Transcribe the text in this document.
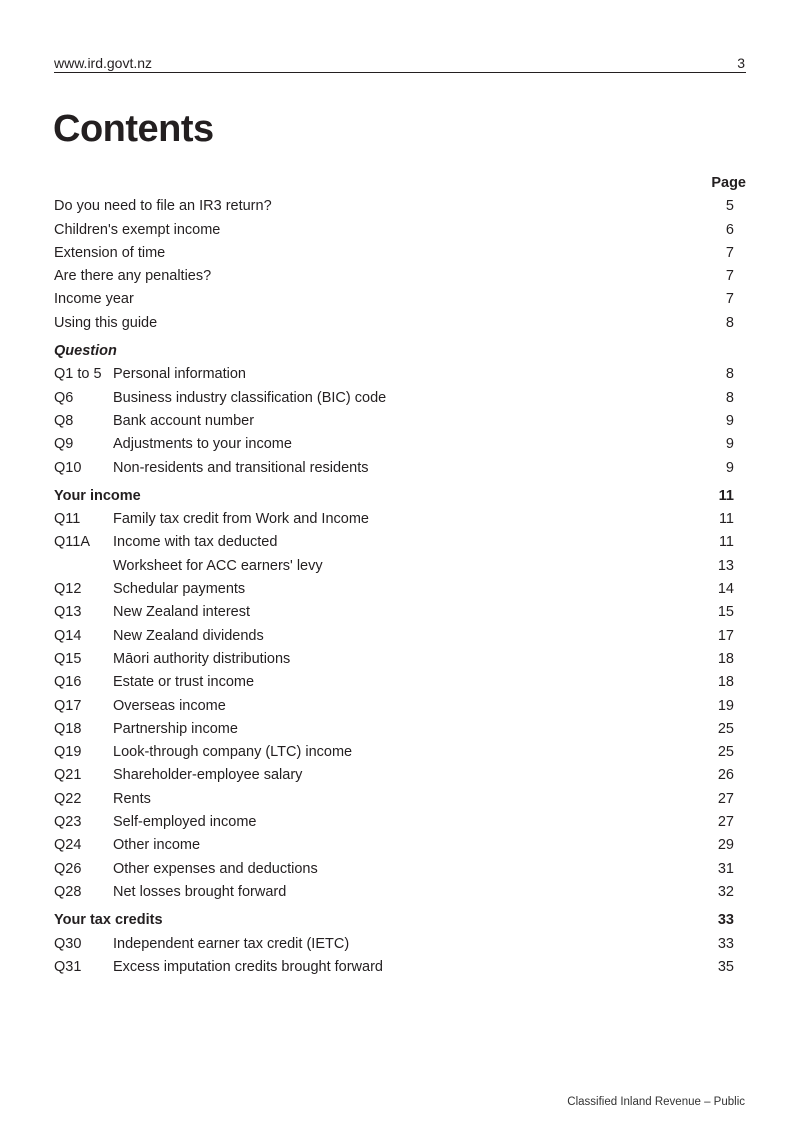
www.ird.govt.nz	3
Contents
Page
Do you need to file an IR3 return?	5
Children's exempt income	6
Extension of time	7
Are there any penalties?	7
Income year	7
Using this guide	8
Question
Q1 to 5 Personal information	8
Q6	Business industry classification (BIC) code	8
Q8	Bank account number	9
Q9	Adjustments to your income	9
Q10 Non-residents and transitional residents	9
Your income	11
Q11 Family tax credit from Work and Income	11
Q11A Income with tax deducted	11
Worksheet for ACC earners' levy	13
Q12 Schedular payments	14
Q13 New Zealand interest	15
Q14 New Zealand dividends	17
Q15 Māori authority distributions	18
Q16 Estate or trust income	18
Q17 Overseas income	19
Q18 Partnership income	25
Q19 Look-through company (LTC) income	25
Q21 Shareholder-employee salary	26
Q22 Rents	27
Q23 Self-employed income	27
Q24 Other income	29
Q26 Other expenses and deductions	31
Q28 Net losses brought forward	32
Your tax credits	33
Q30 Independent earner tax credit (IETC)	33
Q31 Excess imputation credits brought forward	35
Classified Inland Revenue – Public
